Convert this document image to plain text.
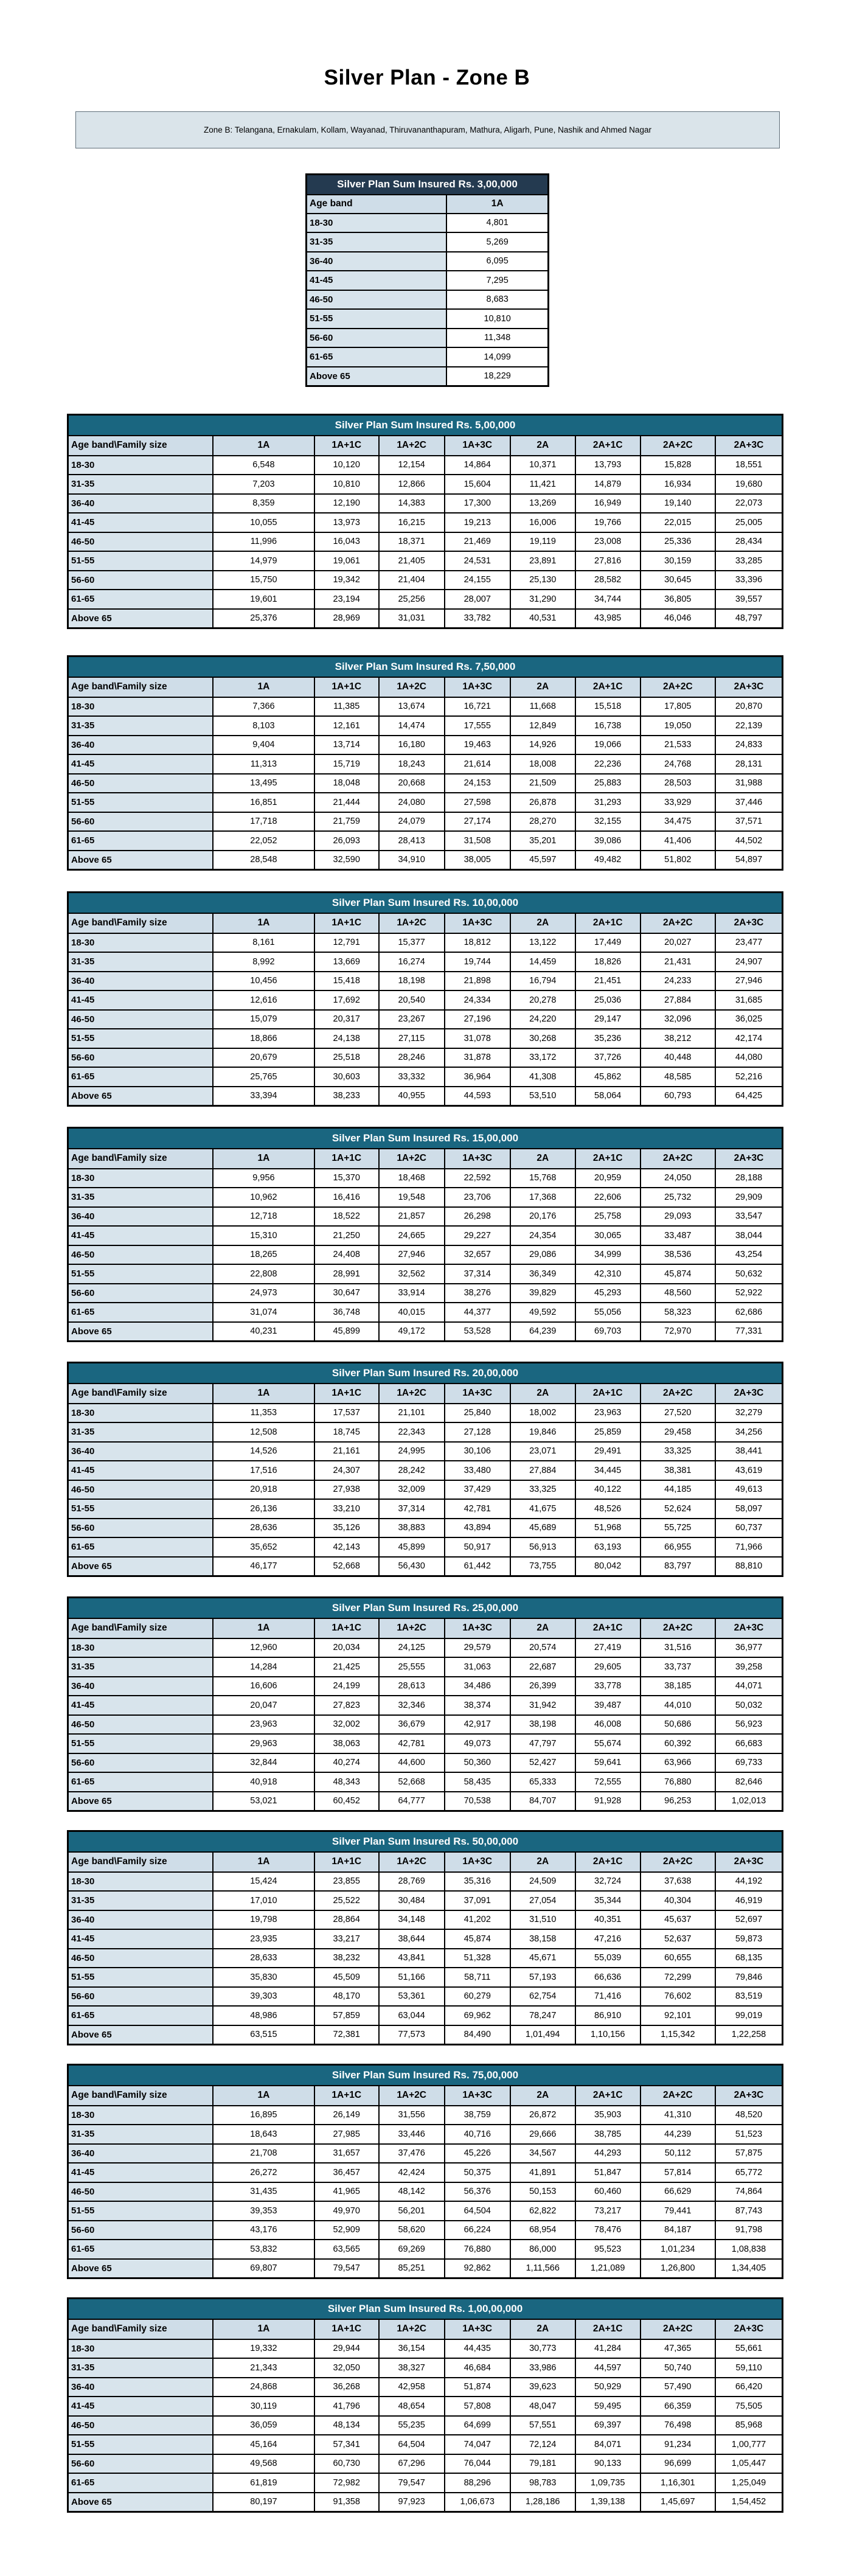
Silver Plan - Zone B
Zone B: Telangana, Ernakulam, Kollam, Wayanad, Thiruvananthapuram, Mathura, Aligarh, Pune, Nashik and Ahmed Nagar
Silver Plan Sum Insured Rs. 3,00,000	
Age band	1A
18-30	4,801
31-35	5,269
36-40	6,095
41-45	7,295
46-50	8,683
51-55	10,810
56-60	11,348
61-65	14,099
Above 65	18,229
Silver Plan Sum Insured Rs. 5,00,000								
Age band\Family size	1A	1A+1C	1A+2C	1A+3C	2A	2A+1C	2A+2C	2A+3C
18-30	6,548	10,120	12,154	14,864	10,371	13,793	15,828	18,551
31-35	7,203	10,810	12,866	15,604	11,421	14,879	16,934	19,680
36-40	8,359	12,190	14,383	17,300	13,269	16,949	19,140	22,073
41-45	10,055	13,973	16,215	19,213	16,006	19,766	22,015	25,005
46-50	11,996	16,043	18,371	21,469	19,119	23,008	25,336	28,434
51-55	14,979	19,061	21,405	24,531	23,891	27,816	30,159	33,285
56-60	15,750	19,342	21,404	24,155	25,130	28,582	30,645	33,396
61-65	19,601	23,194	25,256	28,007	31,290	34,744	36,805	39,557
Above 65	25,376	28,969	31,031	33,782	40,531	43,985	46,046	48,797
Silver Plan Sum Insured Rs. 7,50,000								
Age band\Family size	1A	1A+1C	1A+2C	1A+3C	2A	2A+1C	2A+2C	2A+3C
18-30	7,366	11,385	13,674	16,721	11,668	15,518	17,805	20,870
31-35	8,103	12,161	14,474	17,555	12,849	16,738	19,050	22,139
36-40	9,404	13,714	16,180	19,463	14,926	19,066	21,533	24,833
41-45	11,313	15,719	18,243	21,614	18,008	22,236	24,768	28,131
46-50	13,495	18,048	20,668	24,153	21,509	25,883	28,503	31,988
51-55	16,851	21,444	24,080	27,598	26,878	31,293	33,929	37,446
56-60	17,718	21,759	24,079	27,174	28,270	32,155	34,475	37,571
61-65	22,052	26,093	28,413	31,508	35,201	39,086	41,406	44,502
Above 65	28,548	32,590	34,910	38,005	45,597	49,482	51,802	54,897
Silver Plan Sum Insured Rs. 10,00,000								
Age band\Family size	1A	1A+1C	1A+2C	1A+3C	2A	2A+1C	2A+2C	2A+3C
18-30	8,161	12,791	15,377	18,812	13,122	17,449	20,027	23,477
31-35	8,992	13,669	16,274	19,744	14,459	18,826	21,431	24,907
36-40	10,456	15,418	18,198	21,898	16,794	21,451	24,233	27,946
41-45	12,616	17,692	20,540	24,334	20,278	25,036	27,884	31,685
46-50	15,079	20,317	23,267	27,196	24,220	29,147	32,096	36,025
51-55	18,866	24,138	27,115	31,078	30,268	35,236	38,212	42,174
56-60	20,679	25,518	28,246	31,878	33,172	37,726	40,448	44,080
61-65	25,765	30,603	33,332	36,964	41,308	45,862	48,585	52,216
Above 65	33,394	38,233	40,955	44,593	53,510	58,064	60,793	64,425
Silver Plan Sum Insured Rs. 15,00,000								
Age band\Family size	1A	1A+1C	1A+2C	1A+3C	2A	2A+1C	2A+2C	2A+3C
18-30	9,956	15,370	18,468	22,592	15,768	20,959	24,050	28,188
31-35	10,962	16,416	19,548	23,706	17,368	22,606	25,732	29,909
36-40	12,718	18,522	21,857	26,298	20,176	25,758	29,093	33,547
41-45	15,310	21,250	24,665	29,227	24,354	30,065	33,487	38,044
46-50	18,265	24,408	27,946	32,657	29,086	34,999	38,536	43,254
51-55	22,808	28,991	32,562	37,314	36,349	42,310	45,874	50,632
56-60	24,973	30,647	33,914	38,276	39,829	45,293	48,560	52,922
61-65	31,074	36,748	40,015	44,377	49,592	55,056	58,323	62,686
Above 65	40,231	45,899	49,172	53,528	64,239	69,703	72,970	77,331
Silver Plan Sum Insured Rs. 20,00,000								
Age band\Family size	1A	1A+1C	1A+2C	1A+3C	2A	2A+1C	2A+2C	2A+3C
18-30	11,353	17,537	21,101	25,840	18,002	23,963	27,520	32,279
31-35	12,508	18,745	22,343	27,128	19,846	25,859	29,458	34,256
36-40	14,526	21,161	24,995	30,106	23,071	29,491	33,325	38,441
41-45	17,516	24,307	28,242	33,480	27,884	34,445	38,381	43,619
46-50	20,918	27,938	32,009	37,429	33,325	40,122	44,185	49,613
51-55	26,136	33,210	37,314	42,781	41,675	48,526	52,624	58,097
56-60	28,636	35,126	38,883	43,894	45,689	51,968	55,725	60,737
61-65	35,652	42,143	45,899	50,917	56,913	63,193	66,955	71,966
Above 65	46,177	52,668	56,430	61,442	73,755	80,042	83,797	88,810
Silver Plan Sum Insured Rs. 25,00,000								
Age band\Family size	1A	1A+1C	1A+2C	1A+3C	2A	2A+1C	2A+2C	2A+3C
18-30	12,960	20,034	24,125	29,579	20,574	27,419	31,516	36,977
31-35	14,284	21,425	25,555	31,063	22,687	29,605	33,737	39,258
36-40	16,606	24,199	28,613	34,486	26,399	33,778	38,185	44,071
41-45	20,047	27,823	32,346	38,374	31,942	39,487	44,010	50,032
46-50	23,963	32,002	36,679	42,917	38,198	46,008	50,686	56,923
51-55	29,963	38,063	42,781	49,073	47,797	55,674	60,392	66,683
56-60	32,844	40,274	44,600	50,360	52,427	59,641	63,966	69,733
61-65	40,918	48,343	52,668	58,435	65,333	72,555	76,880	82,646
Above 65	53,021	60,452	64,777	70,538	84,707	91,928	96,253	1,02,013
Silver Plan Sum Insured Rs. 50,00,000								
Age band\Family size	1A	1A+1C	1A+2C	1A+3C	2A	2A+1C	2A+2C	2A+3C
18-30	15,424	23,855	28,769	35,316	24,509	32,724	37,638	44,192
31-35	17,010	25,522	30,484	37,091	27,054	35,344	40,304	46,919
36-40	19,798	28,864	34,148	41,202	31,510	40,351	45,637	52,697
41-45	23,935	33,217	38,644	45,874	38,158	47,216	52,637	59,873
46-50	28,633	38,232	43,841	51,328	45,671	55,039	60,655	68,135
51-55	35,830	45,509	51,166	58,711	57,193	66,636	72,299	79,846
56-60	39,303	48,170	53,361	60,279	62,754	71,416	76,602	83,519
61-65	48,986	57,859	63,044	69,962	78,247	86,910	92,101	99,019
Above 65	63,515	72,381	77,573	84,490	1,01,494	1,10,156	1,15,342	1,22,258
Silver Plan Sum Insured Rs. 75,00,000								
Age band\Family size	1A	1A+1C	1A+2C	1A+3C	2A	2A+1C	2A+2C	2A+3C
18-30	16,895	26,149	31,556	38,759	26,872	35,903	41,310	48,520
31-35	18,643	27,985	33,446	40,716	29,666	38,785	44,239	51,523
36-40	21,708	31,657	37,476	45,226	34,567	44,293	50,112	57,875
41-45	26,272	36,457	42,424	50,375	41,891	51,847	57,814	65,772
46-50	31,435	41,965	48,142	56,376	50,153	60,460	66,629	74,864
51-55	39,353	49,970	56,201	64,504	62,822	73,217	79,441	87,743
56-60	43,176	52,909	58,620	66,224	68,954	78,476	84,187	91,798
61-65	53,832	63,565	69,269	76,880	86,000	95,523	1,01,234	1,08,838
Above 65	69,807	79,547	85,251	92,862	1,11,566	1,21,089	1,26,800	1,34,405
Silver Plan Sum Insured Rs. 1,00,00,000								
Age band\Family size	1A	1A+1C	1A+2C	1A+3C	2A	2A+1C	2A+2C	2A+3C
18-30	19,332	29,944	36,154	44,435	30,773	41,284	47,365	55,661
31-35	21,343	32,050	38,327	46,684	33,986	44,597	50,740	59,110
36-40	24,868	36,268	42,958	51,874	39,623	50,929	57,490	66,420
41-45	30,119	41,796	48,654	57,808	48,047	59,495	66,359	75,505
46-50	36,059	48,134	55,235	64,699	57,551	69,397	76,498	85,968
51-55	45,164	57,341	64,504	74,047	72,124	84,071	91,234	1,00,777
56-60	49,568	60,730	67,296	76,044	79,181	90,133	96,699	1,05,447
61-65	61,819	72,982	79,547	88,296	98,783	1,09,735	1,16,301	1,25,049
Above 65	80,197	91,358	97,923	1,06,673	1,28,186	1,39,138	1,45,697	1,54,452
